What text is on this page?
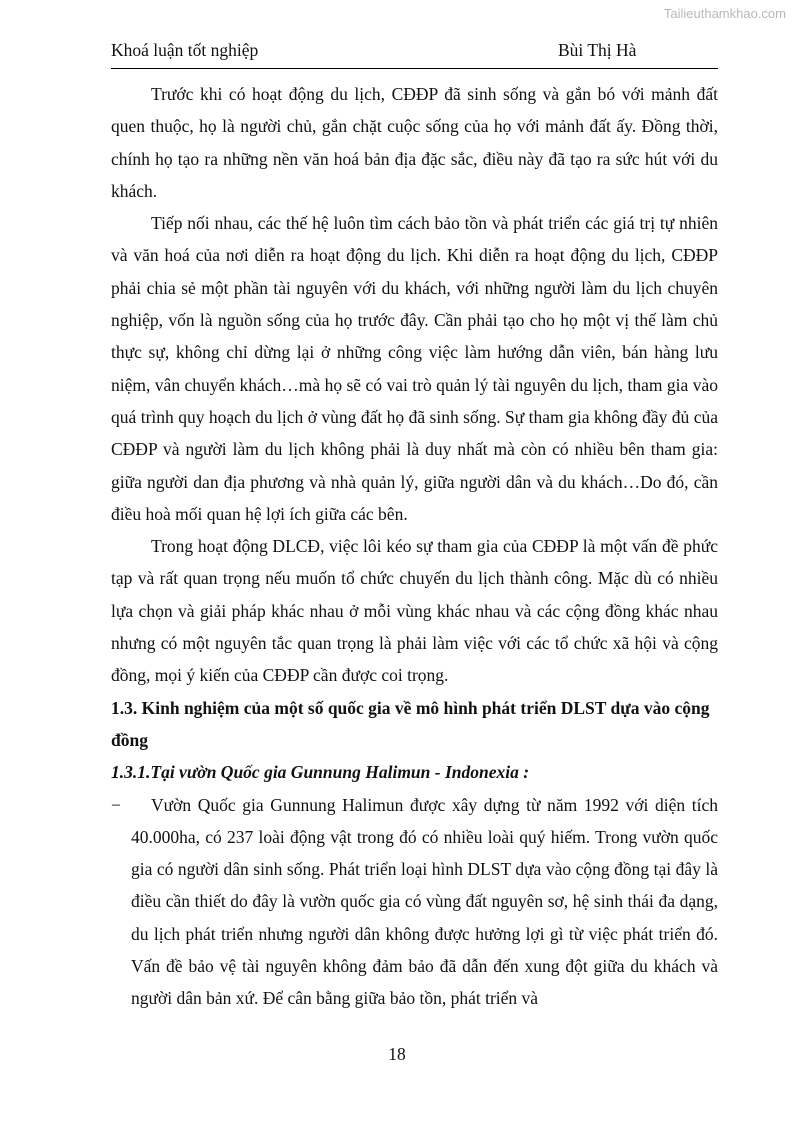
Tailieuthamkhao.com
Khoá luận tốt nghiệp	Bùi Thị Hà

Trước khi có hoạt động du lịch, CĐĐP đã sinh sống và gắn bó với mảnh đất quen thuộc, họ là người chủ, gắn chặt cuộc sống của họ với mảnh đất ấy. Đồng thời, chính họ tạo ra những nền văn hoá bản địa đặc sắc, điều này đã tạo ra sức hút với du khách.

Tiếp nối nhau, các thế hệ luôn tìm cách bảo tồn và phát triển các giá trị tự nhiên và văn hoá của nơi diễn ra hoạt động du lịch. Khi diễn ra hoạt động du lịch, CĐĐP phải chia sẻ một phần tài nguyên với du khách, với những người làm du lịch chuyên nghiệp, vốn là nguồn sống của họ trước đây. Cần phải tạo cho họ một vị thế làm chủ thực sự, không chỉ dừng lại ở những công việc làm hướng dẫn viên, bán hàng lưu niệm, vân chuyển khách…mà họ sẽ có vai trò quản lý tài nguyên du lịch, tham gia vào quá trình quy hoạch du lịch ở vùng đất họ đã sinh sống. Sự tham gia không đầy đủ của CĐĐP và người làm du lịch không phải là duy nhất mà còn có nhiều bên tham gia: giữa người dan địa phương và nhà quản lý, giữa người dân và du khách…Do đó, cần điều hoà mối quan hệ lợi ích giữa các bên.

Trong hoạt động DLCĐ, việc lôi kéo sự tham gia của CĐĐP là một vấn đề phức tạp và rất quan trọng nếu muốn tổ chức chuyến du lịch thành công. Mặc dù có nhiều lựa chọn và giải pháp khác nhau ở mỗi vùng khác nhau và các cộng đồng khác nhau nhưng có một nguyên tắc quan trọng là phải làm việc với các tổ chức xã hội và cộng đồng, mọi ý kiến của CĐĐP cần được coi trọng.

1.3. Kinh nghiệm của một số quốc gia về mô hình phát triển DLST dựa vào cộng đồng

1.3.1.Tại vườn Quốc gia Gunnung Halimun - Indonexia :

− Vườn Quốc gia Gunnung Halimun được xây dựng từ năm 1992 với diện tích 40.000ha, có 237 loài động vật trong đó có nhiều loài quý hiếm. Trong vườn quốc gia có người dân sinh sống. Phát triển loại hình DLST dựa vào cộng đồng tại đây là điều cần thiết do đây là vườn quốc gia có vùng đất nguyên sơ, hệ sinh thái đa dạng, du lịch phát triển nhưng người dân không được hưởng lợi gì từ việc phát triển đó. Vấn đề bảo vệ tài nguyên không đảm bảo đã dẫn đến xung đột giữa du khách và người dân bản xứ. Để cân bằng giữa bảo tồn, phát triển và

18
